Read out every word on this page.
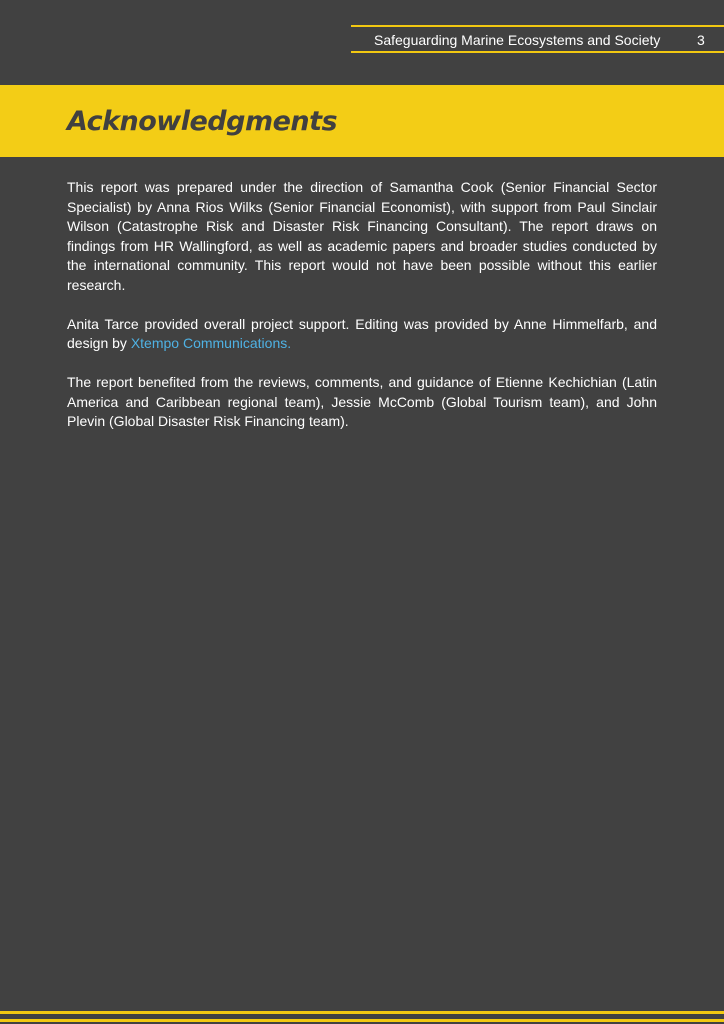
Safeguarding Marine Ecosystems and Society	3
Acknowledgments

This report was prepared under the direction of Samantha Cook (Senior Financial Sector Specialist) by Anna Rios Wilks (Senior Financial Economist), with support from Paul Sinclair Wilson (Catastrophe Risk and Disaster Risk Financing Consultant). The report draws on findings from HR Wallingford, as well as academic papers and broader studies conducted by the international community. This report would not have been possible without this earlier research.

Anita Tarce provided overall project support. Editing was provided by Anne Himmelfarb, and design by Xtempo Communications.

The report benefited from the reviews, comments, and guidance of Etienne Kechichian (Latin America and Caribbean regional team), Jessie McComb (Global Tourism team), and John Plevin (Global Disaster Risk Financing team).
